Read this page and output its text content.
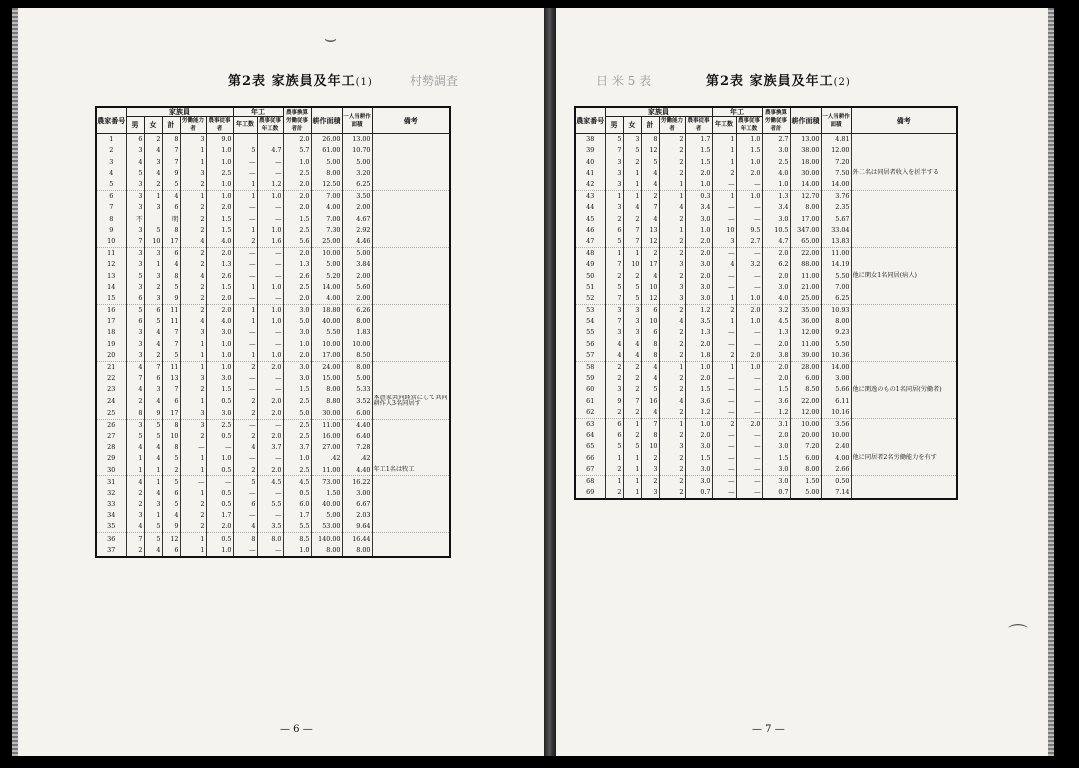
⌣
第2表 家族員及年工(1)	村勢調査
農家番号	家族員					年工		農事換算労働従事者計	耕作面積	一人当耕作面積	備考
	男	女	計	労働能力者	農事従事者	年工数	農事従事年工数				
1	6	2	8	3	9.0			2.0	26.00	13.00	
2	3	4	7	1	1.0	5	4.7	5.7	61.00	10.70	
3	4	3	7	1	1.0	—	—	1.0	5.00	5.00	
4	5	4	9	3	2.5	—	—	2.5	8.00	3.20	
5	3	2	5	2	1.0	1	1.2	2.0	12.50	6.25	
6	3	1	4	1	1.0	1	1.0	2.0	7.00	3.50	
7	3	3	6	2	2.0	—	—	2.0	4.00	2.00	
8	不		明	2	1.5	—	—	1.5	7.00	4.67	
9	3	5	8	2	1.5	1	1.0	2.5	7.30	2.92	
10	7	10	17	4	4.0	2	1.6	5.6	25.00	4.46	
11	3	3	6	2	2.0	—	—	2.0	10.00	5.00	
12	3	1	4	2	1.3	—	—	1.3	5.00	3.84	
13	5	3	8	4	2.6	—	—	2.6	5.20	2.00	
14	3	2	5	2	1.5	1	1.0	2.5	14.00	5.60	
15	6	3	9	2	2.0	—	—	2.0	4.00	2.00	
16	5	6	11	2	2.0	1	1.0	3.0	18.80	6.26	
17	6	5	11	4	4.0	1	1.0	5.0	40.00	8.00	
18	3	4	7	3	3.0	—	—	3.0	5.50	1.83	
19	3	4	7	1	1.0	—	—	1.0	10.00	10.00	
20	3	2	5	1	1.0	1	1.0	2.0	17.00	8.50	
21	4	7	11	1	1.0	2	2.0	3.0	24.00	8.00	
22	7	6	13	3	3.0	—	—	3.0	15.00	5.00	
23	4	3	7	2	1.5	—	—	1.5	8.00	5.33	
24	2	4	6	1	0.5	2	2.0	2.5	8.80	3.52	本農家共同経営にして共同耕作人3名同居す
25	8	9	17	3	3.0	2	2.0	5.0	30.00	6.00	
26	3	5	8	3	2.5	—	—	2.5	11.00	4.40	
27	5	5	10	2	0.5	2	2.0	2.5	16.00	6.40	
28	4	4	8	—	—	4	3.7	3.7	27.00	7.28	
29	1	4	5	1	1.0	—	—	1.0	.42	.42	
30	1	1	2	1	0.5	2	2.0	2.5	11.00	4.40	年工1名は牧工
31	4	1	5	—	—	5	4.5	4.5	73.00	16.22	
32	2	4	6	1	0.5	—	—	0.5	1.50	3.00	
33	2	3	5	2	0.5	6	5.5	6.0	40.00	6.67	
34	3	1	4	2	1.7	—	—	1.7	5.00	2.03	
35	4	5	9	2	2.0	4	3.5	5.5	53.00	9.64	
36	7	5	12	1	0.5	8	8.0	8.5	140.00	16.44	
37	2	4	6	1	1.0	—	—	1.0	8.00	8.00	
— 6 —
日 米 5 表	第2表 家族員及年工(2)
農家番号	家族員					年工		農事換算労働従事者計	耕作面積	一人当耕作面積	備考
	男	女	計	労働能力者	農事従事者	年工数	農事従事年工数				
38	5	3	8	2	1.7	1	1.0	2.7	13.00	4.81	
39	7	5	12	2	1.5	1	1.5	3.0	38.00	12.00	
40	3	2	5	2	1.5	1	1.0	2.5	18.00	7.20	
41	3	1	4	2	2.0	2	2.0	4.0	30.00	7.50	外二名は同居者收入を折半する
42	3	1	4	1	1.0	—	—	1.0	14.00	14.00	
43	1	1	2	1	0.3	1	1.0	1.3	12.70	3.76	
44	3	4	7	4	3.4	—	—	3.4	8.00	2.35	
45	2	2	4	2	3.0	—	—	3.0	17.00	5.67	
46	6	7	13	1	1.0	10	9.5	10.5	347.00	33.04	
47	5	7	12	2	2.0	3	2.7	4.7	65.00	13.83	
48	1	1	2	2	2.0	—	—	2.0	22.00	11.00	
49	7	10	17	3	3.0	4	3.2	6.2	88.00	14.19	
50	2	2	4	2	2.0	—	—	2.0	11.00	5.50	他に閑女1名同居(病人)
51	5	5	10	3	3.0	—	—	3.0	21.00	7.00	
52	7	5	12	3	3.0	1	1.0	4.0	25.00	6.25	
53	3	3	6	2	1.2	2	2.0	3.2	35.00	10.93	
54	7	3	10	4	3.5	1	1.0	4.5	36.00	8.00	
55	3	3	6	2	1.3	—	—	1.3	12.00	9.23	
56	4	4	8	2	2.0	—	—	2.0	11.00	5.50	
57	4	4	8	2	1.8	2	2.0	3.8	39.00	10.36	
58	2	2	4	1	1.0	1	1.0	2.0	28.00	14.00	
59	2	2	4	2	2.0	—	—	2.0	6.00	3.00	
60	3	2	5	2	1.5	—	—	1.5	8.50	5.66	他に閑逸のもの1名同居(労働者)
61	9	7	16	4	3.6	—	—	3.6	22.00	6.11	
62	2	2	4	2	1.2	—	—	1.2	12.00	10.16	
63	6	1	7	1	1.0	2	2.0	3.1	10.00	3.56	
64	6	2	8	2	2.0	—	—	2.0	20.00	10.00	
65	5	5	10	3	3.0	—	—	3.0	7.20	2.40	
66	1	1	2	2	1.5	—	—	1.5	6.00	4.00	他に同居者2名労働能力を有す
67	2	1	3	2	3.0	—	—	3.0	8.00	2.66	
68	1	1	2	2	3.0	—	—	3.0	1.50	0.50	
69	2	1	3	2	0.7	—	—	0.7	5.00	7.14	
— 7 —
⌒
